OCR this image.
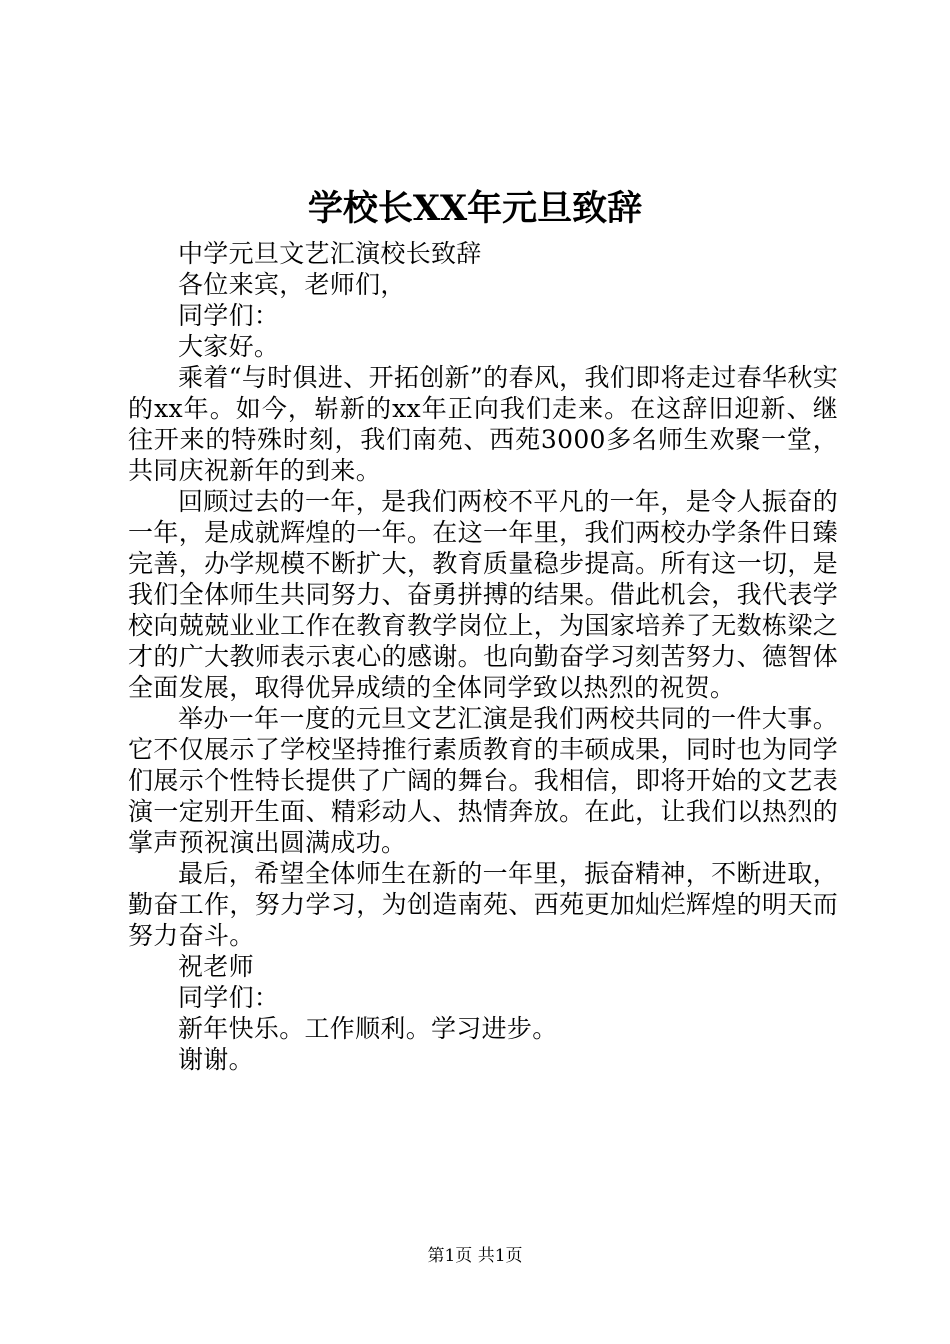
学校长XX年元旦致辞

中学元旦文艺汇演校长致辞

各位来宾，老师们，

同学们：

大家好。

乘着“与时俱进、开拓创新”的春风，我们即将走过春华秋实的xx年。如今，崭新的xx年正向我们走来。在这辞旧迎新、继往开来的特殊时刻，我们南苑、西苑3000多名师生欢聚一堂，共同庆祝新年的到来。

回顾过去的一年，是我们两校不平凡的一年，是令人振奋的一年，是成就辉煌的一年。在这一年里，我们两校办学条件日臻完善，办学规模不断扩大，教育质量稳步提高。所有这一切，是我们全体师生共同努力、奋勇拼搏的结果。借此机会，我代表学校向兢兢业业工作在教育教学岗位上，为国家培养了无数栋梁之才的广大教师表示衷心的感谢。也向勤奋学习刻苦努力、德智体全面发展，取得优异成绩的全体同学致以热烈的祝贺。

举办一年一度的元旦文艺汇演是我们两校共同的一件大事。它不仅展示了学校坚持推行素质教育的丰硕成果，同时也为同学们展示个性特长提供了广阔的舞台。我相信，即将开始的文艺表演一定别开生面、精彩动人、热情奔放。在此，让我们以热烈的掌声预祝演出圆满成功。

最后，希望全体师生在新的一年里，振奋精神，不断进取，勤奋工作，努力学习，为创造南苑、西苑更加灿烂辉煌的明天而努力奋斗。

祝老师

同学们：

新年快乐。工作顺利。学习进步。

谢谢。

第1页 共1页
